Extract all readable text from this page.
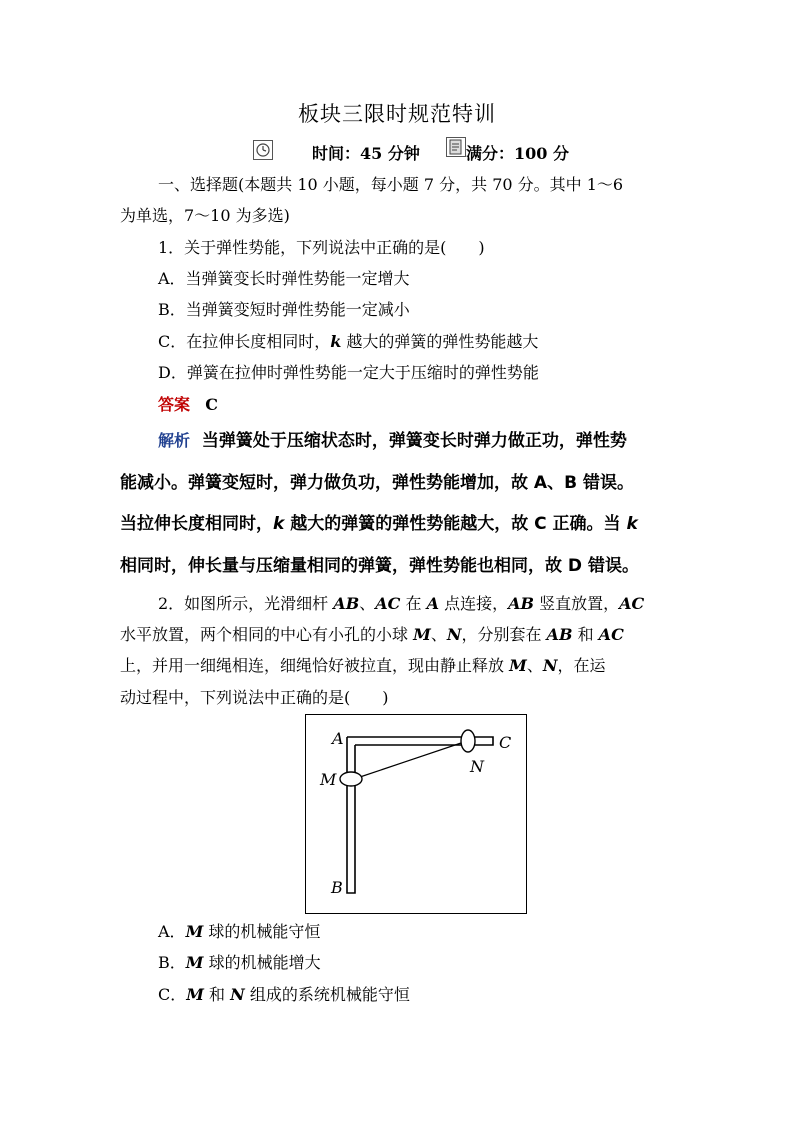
板块三限时规范特训
时间：45 分钟	满分：100 分
一、选择题(本题共 10 小题，每小题 7 分，共 70 分。其中 1～6
为单选，7～10 为多选)
1．关于弹性势能，下列说法中正确的是(　　)
A．当弹簧变长时弹性势能一定增大
B．当弹簧变短时弹性势能一定减小
C．在拉伸长度相同时，k 越大的弹簧的弹性势能越大
D．弹簧在拉伸时弹性势能一定大于压缩时的弹性势能
答案 C
解析 当弹簧处于压缩状态时，弹簧变长时弹力做正功，弹性势
能减小。弹簧变短时，弹力做负功，弹性势能增加，故 A、B 错误。
当拉伸长度相同时，k 越大的弹簧的弹性势能越大，故 C 正确。当 k
相同时，伸长量与压缩量相同的弹簧，弹性势能也相同，故 D 错误。
2．如图所示，光滑细杆 AB、AC 在 A 点连接，AB 竖直放置，AC
水平放置，两个相同的中心有小孔的小球 M、N，分别套在 AB 和 AC
上，并用一细绳相连，细绳恰好被拉直，现由静止释放 M、N，在运
动过程中，下列说法中正确的是(　　)
A	C
M
N
B
A．M 球的机械能守恒
B．M 球的机械能增大
C．M 和 N 组成的系统机械能守恒
